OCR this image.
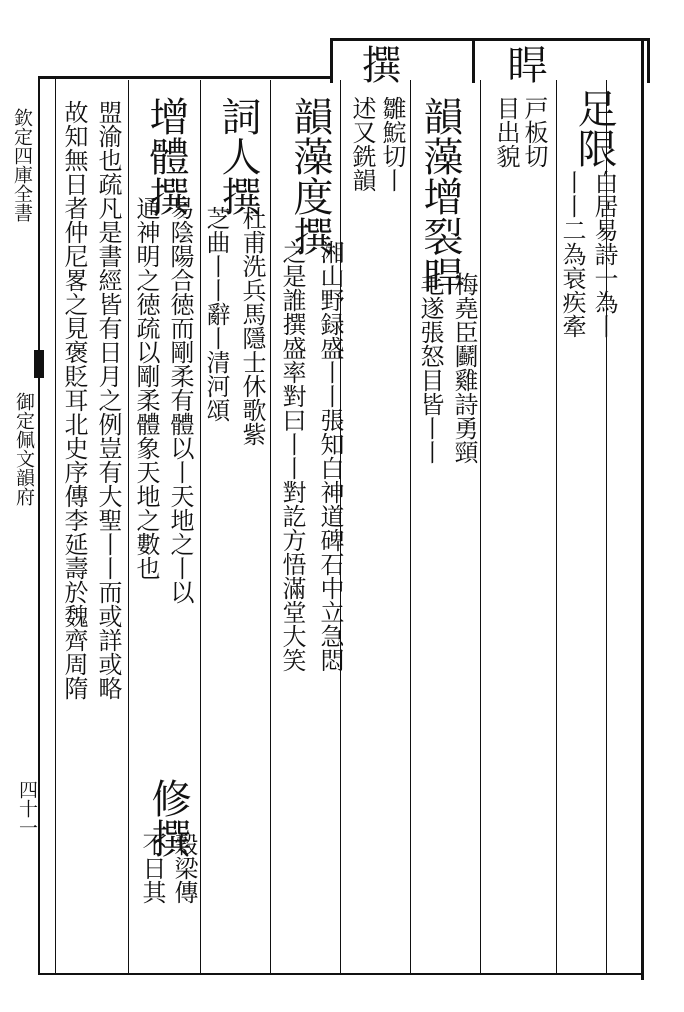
欽定四庫全書
御定佩文韻府
足限
白居易詩一為丨
丨丨二為衰疾牽
睅
戸板切
目出貌
韻藻增裂睅
梅堯臣鬬雞詩勇頸
毛遂張怒目皆丨丨
撰
雛鯇切丨
述又銑韻
韻藻度撰
湘山野録盛丨丨張知白神道碑石中立急悶
之是誰撰盛率對曰丨丨對訖方悟滿堂大笑
詞人撰
杜甫洗兵馬隱士休歌紫
芝曲丨丨辭丨清河頌
增體撰
易陰陽合徳而剛柔有體以丨天地之丨以
通神明之徳疏以剛柔體象天地之數也
修撰
穀梁傳
不日其
盟渝也疏凡是書經皆有日月之例豈有大聖丨丨而或詳或略
故知無日者仲尼畧之見褒貶耳北史序傳李延壽於魏齊周隋
四十一
